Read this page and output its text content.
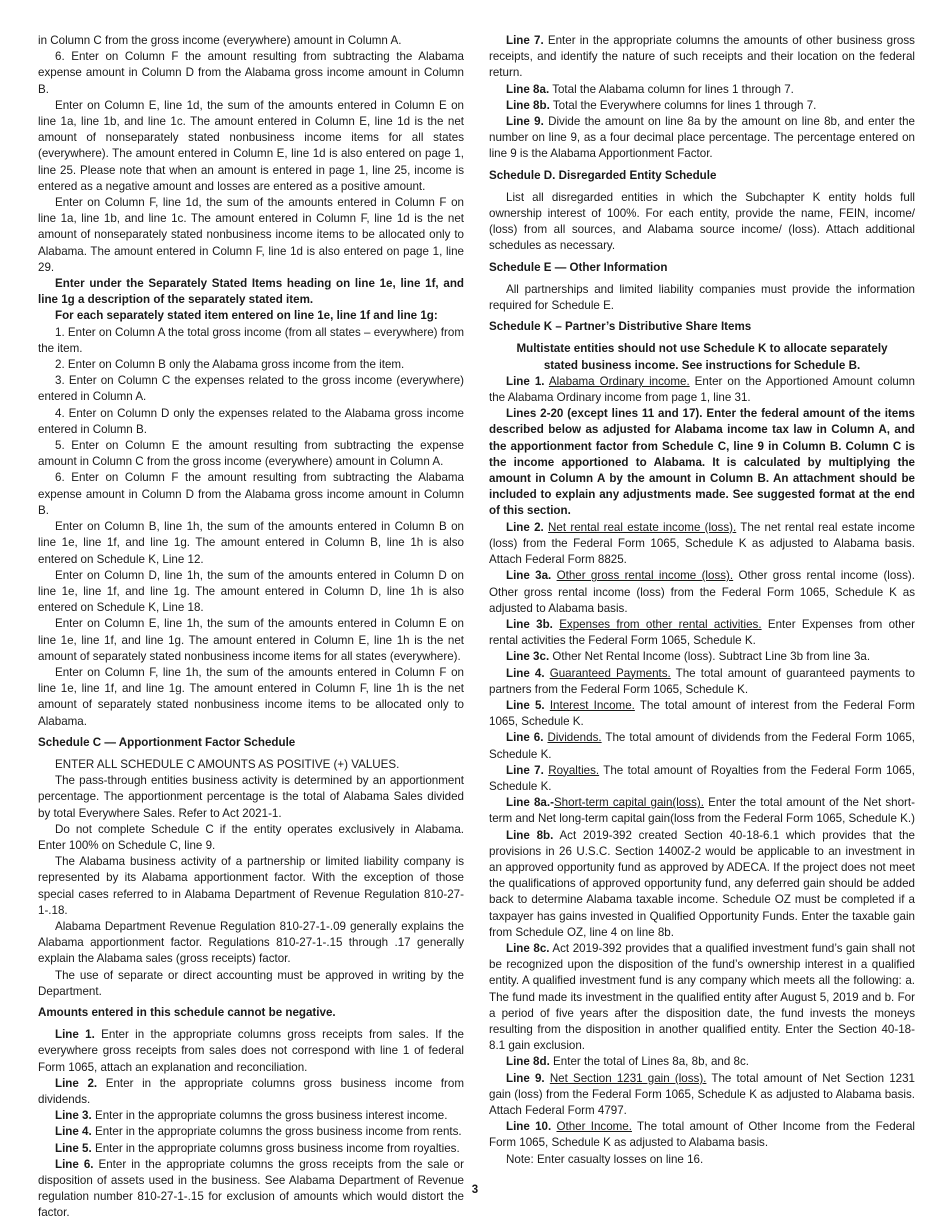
in Column C from the gross income (everywhere) amount in Column A.

6. Enter on Column F the amount resulting from subtracting the Alabama expense amount in Column D from the Alabama gross income amount in Column B.

Enter on Column E, line 1d, the sum of the amounts entered in Column E on line 1a, line 1b, and line 1c. The amount entered in Column E, line 1d is the net amount of nonseparately stated nonbusiness income items for all states (everywhere). The amount entered in Column E, line 1d is also entered on page 1, line 25. Please note that when an amount is entered in page 1, line 25, income is entered as a negative amount and losses are entered as a positive amount.

Enter on Column F, line 1d, the sum of the amounts entered in Column F on line 1a, line 1b, and line 1c. The amount entered in Column F, line 1d is the net amount of nonseparately stated nonbusiness income items to be allocated only to Alabama. The amount entered in Column F, line 1d is also entered on page 1, line 29.

Enter under the Separately Stated Items heading on line 1e, line 1f, and line 1g a description of the separately stated item.

For each separately stated item entered on line 1e, line 1f and line 1g:

1. Enter on Column A the total gross income (from all states – everywhere) from the item.

2. Enter on Column B only the Alabama gross income from the item.

3. Enter on Column C the expenses related to the gross income (everywhere) entered in Column A.

4. Enter on Column D only the expenses related to the Alabama gross income entered in Column B.

5. Enter on Column E the amount resulting from subtracting the expense amount in Column C from the gross income (everywhere) amount in Column A.

6. Enter on Column F the amount resulting from subtracting the Alabama expense amount in Column D from the Alabama gross income amount in Column B.

Enter on Column B, line 1h, the sum of the amounts entered in Column B on line 1e, line 1f, and line 1g. The amount entered in Column B, line 1h is also entered on Schedule K, Line 12.

Enter on Column D, line 1h, the sum of the amounts entered in Column D on line 1e, line 1f, and line 1g. The amount entered in Column D, line 1h is also entered on Schedule K, Line 18.

Enter on Column E, line 1h, the sum of the amounts entered in Column E on line 1e, line 1f, and line 1g. The amount entered in Column E, line 1h is the net amount of separately stated nonbusiness income items for all states (everywhere).

Enter on Column F, line 1h, the sum of the amounts entered in Column F on line 1e, line 1f, and line 1g. The amount entered in Column F, line 1h is the net amount of separately stated nonbusiness income items to be allocated only to Alabama.

Schedule C — Apportionment Factor Schedule

ENTER ALL SCHEDULE C AMOUNTS AS POSITIVE (+) VALUES.

The pass-through entities business activity is determined by an apportionment percentage. The apportionment percentage is the total of Alabama Sales divided by total Everywhere Sales. Refer to Act 2021-1.

Do not complete Schedule C if the entity operates exclusively in Alabama. Enter 100% on Schedule C, line 9.

The Alabama business activity of a partnership or limited liability company is represented by its Alabama apportionment factor. With the exception of those special cases referred to in Alabama Department of Revenue Regulation 810-27-1-.18.

Alabama Department Revenue Regulation 810-27-1-.09 generally explains the Alabama apportionment factor. Regulations 810-27-1-.15 through .17 generally explain the Alabama sales (gross receipts) factor.

The use of separate or direct accounting must be approved in writing by the Department.

Amounts entered in this schedule cannot be negative.

Line 1. Enter in the appropriate columns gross receipts from sales. If the everywhere gross receipts from sales does not correspond with line 1 of federal Form 1065, attach an explanation and reconciliation.

Line 2. Enter in the appropriate columns gross business income from dividends.

Line 3. Enter in the appropriate columns the gross business interest income.

Line 4. Enter in the appropriate columns the gross business income from rents.

Line 5. Enter in the appropriate columns gross business income from royalties.

Line 6. Enter in the appropriate columns the gross receipts from the sale or disposition of assets used in the business. See Alabama Department of Revenue regulation number 810-27-1-.15 for exclusion of amounts which would distort the factor.

Line 7. Enter in the appropriate columns the amounts of other business gross receipts, and identify the nature of such receipts and their location on the federal return.

Line 8a. Total the Alabama column for lines 1 through 7.

Line 8b. Total the Everywhere columns for lines 1 through 7.

Line 9. Divide the amount on line 8a by the amount on line 8b, and enter the number on line 9, as a four decimal place percentage. The percentage entered on line 9 is the Alabama Apportionment Factor.

Schedule D. Disregarded Entity Schedule

List all disregarded entities in which the Subchapter K entity holds full ownership interest of 100%. For each entity, provide the name, FEIN, income/ (loss) from all sources, and Alabama source income/ (loss). Attach additional schedules as necessary.

Schedule E — Other Information

All partnerships and limited liability companies must provide the information required for Schedule E.

Schedule K – Partner’s Distributive Share Items

Multistate entities should not use Schedule K to allocate separately stated business income. See instructions for Schedule B.

Line 1. Alabama Ordinary income. Enter on the Apportioned Amount column the Alabama Ordinary income from page 1, line 31.

Lines 2-20 (except lines 11 and 17). Enter the federal amount of the items described below as adjusted for Alabama income tax law in Column A, and the apportionment factor from Schedule C, line 9 in Column B. Column C is the income apportioned to Alabama. It is calculated by multiplying the amount in Column A by the amount in Column B. An attachment should be included to explain any adjustments made. See suggested format at the end of this section.

Line 2. Net rental real estate income (loss). The net rental real estate income (loss) from the Federal Form 1065, Schedule K as adjusted to Alabama basis. Attach Federal Form 8825.

Line 3a. Other gross rental income (loss). Other gross rental income (loss). Other gross rental income (loss) from the Federal Form 1065, Schedule K as adjusted to Alabama basis.

Line 3b. Expenses from other rental activities. Enter Expenses from other rental activities the Federal Form 1065, Schedule K.

Line 3c. Other Net Rental Income (loss). Subtract Line 3b from line 3a.

Line 4. Guaranteed Payments. The total amount of guaranteed payments to partners from the Federal Form 1065, Schedule K.

Line 5. Interest Income. The total amount of interest from the Federal Form 1065, Schedule K.

Line 6. Dividends. The total amount of dividends from the Federal Form 1065, Schedule K.

Line 7. Royalties. The total amount of Royalties from the Federal Form 1065, Schedule K.

Line 8a.-Short-term capital gain(loss). Enter the total amount of the Net short-term and Net long-term capital gain(loss from the Federal Form 1065, Schedule K.)

Line 8b. Act 2019-392 created Section 40-18-6.1 which provides that the provisions in 26 U.S.C. Section 1400Z-2 would be applicable to an investment in an approved opportunity fund as approved by ADECA. If the project does not meet the qualifications of approved opportunity fund, any deferred gain should be added back to determine Alabama taxable income. Schedule OZ must be completed if a taxpayer has gains invested in Qualified Opportunity Funds. Enter the taxable gain from Schedule OZ, line 4 on line 8b.

Line 8c. Act 2019-392 provides that a qualified investment fund’s gain shall not be recognized upon the disposition of the fund’s ownership interest in a qualified entity. A qualified investment fund is any company which meets all the following: a. The fund made its investment in the qualified entity after August 5, 2019 and b. For a period of five years after the disposition date, the fund invests the moneys resulting from the disposition in another qualified entity. Enter the Section 40-18-8.1 gain exclusion.

Line 8d. Enter the total of Lines 8a, 8b, and 8c.

Line 9. Net Section 1231 gain (loss). The total amount of Net Section 1231 gain (loss) from the Federal Form 1065, Schedule K as adjusted to Alabama basis. Attach Federal Form 4797.

Line 10. Other Income. The total amount of Other Income from the Federal Form 1065, Schedule K as adjusted to Alabama basis.

Note: Enter casualty losses on line 16.

3
